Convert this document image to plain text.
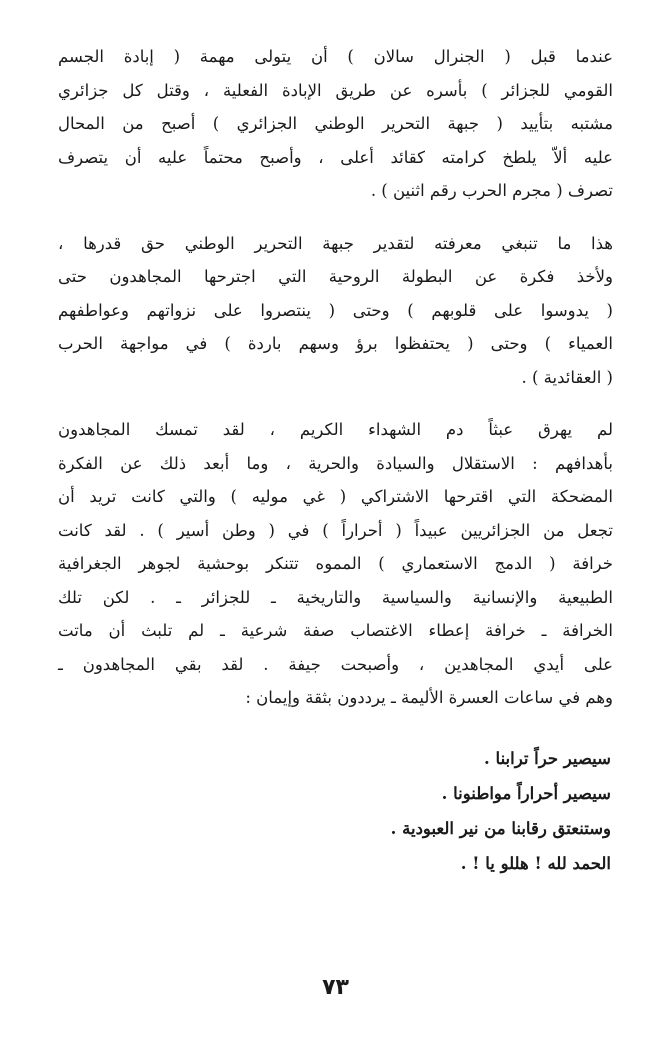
عندما قبل ( الجنرال سالان ) أن يتولى مهمة ( إبادة الجسم
القومي للجزائر ) بأسره عن طريق الإبادة الفعلية ، وقتل كل جزائري
مشتبه بتأييد ( جبهة التحرير الوطني الجزائري ) أصبح من المحال
عليه ألاّ يلطخ كرامته كقائد أعلى ، وأصبح محتماً عليه أن يتصرف
تصرف ( مجرم الحرب رقم اثنين ) .

هذا ما تنبغي معرفته لتقدير جبهة التحرير الوطني حق قدرها ،
ولأخذ فكرة عن البطولة الروحية التي اجترحها المجاهدون حتى
( يدوسوا على قلوبهم ) وحتى ( ينتصروا على نزواتهم وعواطفهم
العمياء ) وحتى ( يحتفظوا برؤ وسهم باردة ) في مواجهة الحرب
( العقائدية ) .

لم يهرق عبثاً دم الشهداء الكريم ، لقد تمسك المجاهدون
بأهدافهم : الاستقلال والسيادة والحرية ، وما أبعد ذلك عن الفكرة
المضحكة التي اقترحها الاشتراكي ( غي موليه ) والتي كانت تريد أن
تجعل من الجزائريين عبيداً ( أحراراً ) في ( وطن أسير ) . لقد كانت
خرافة ( الدمج الاستعماري ) المموه تتنكر بوحشية لجوهر الجغرافية
الطبيعية والإنسانية والسياسية والتاريخية ـ للجزائر ـ . لكن تلك
الخرافة ـ خرافة إعطاء الاغتصاب صفة شرعية ـ لم تلبث أن ماتت
على أيدي المجاهدين ، وأصبحت جيفة . لقد بقي المجاهدون ـ
وهم في ساعات العسرة الأليمة ـ يرددون بثقة وإيمان :

سيصير حراً ترابنا .
سيصير أحراراً مواطنونا .
وستنعتق رقابنا من نير العبودية .
الحمد لله ! هللو يا ! .
٧٣
